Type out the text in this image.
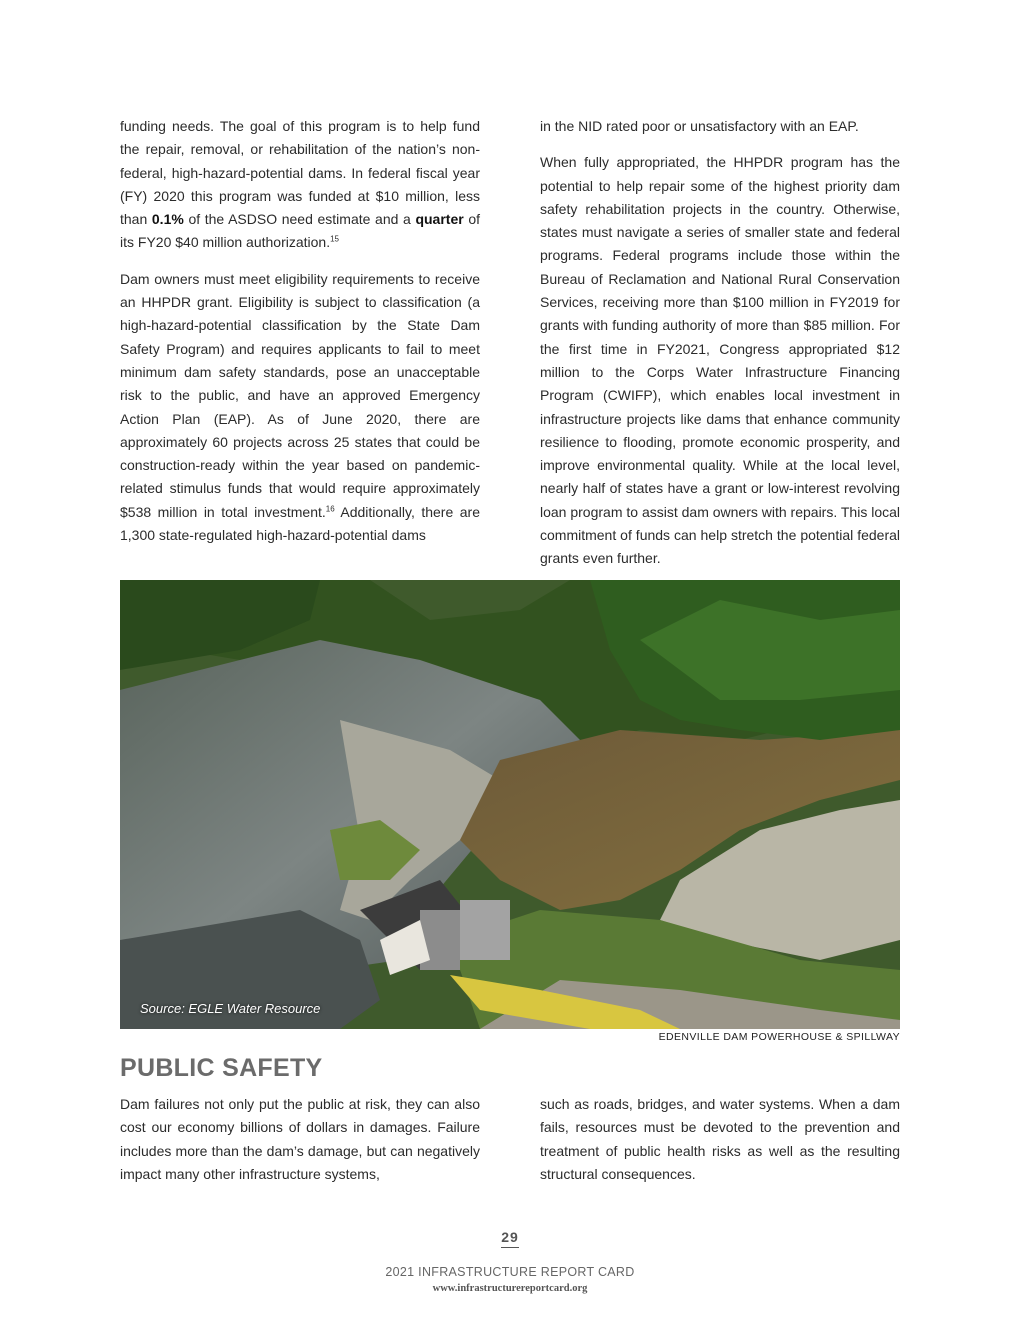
funding needs. The goal of this program is to help fund the repair, removal, or rehabilitation of the nation’s non-federal, high-hazard-potential dams. In federal fiscal year (FY) 2020 this program was funded at $10 million, less than 0.1% of the ASDSO need estimate and a quarter of its FY20 $40 million authorization.$^{15}$

Dam owners must meet eligibility requirements to receive an HHPDR grant. Eligibility is subject to classification (a high-hazard-potential classification by the State Dam Safety Program) and requires applicants to fail to meet minimum dam safety standards, pose an unacceptable risk to the public, and have an approved Emergency Action Plan (EAP). As of June 2020, there are approximately 60 projects across 25 states that could be construction-ready within the year based on pandemic-related stimulus funds that would require approximately $538 million in total investment.$^{16}$ Additionally, there are 1,300 state-regulated high-hazard-potential dams

in the NID rated poor or unsatisfactory with an EAP.

When fully appropriated, the HHPDR program has the potential to help repair some of the highest priority dam safety rehabilitation projects in the country. Otherwise, states must navigate a series of smaller state and federal programs. Federal programs include those within the Bureau of Reclamation and National Rural Conservation Services, receiving more than $100 million in FY2019 for grants with funding authority of more than $85 million. For the first time in FY2021, Congress appropriated $12 million to the Corps Water Infrastructure Financing Program (CWIFP), which enables local investment in infrastructure projects like dams that enhance community resilience to flooding, promote economic prosperity, and improve environmental quality. While at the local level, nearly half of states have a grant or low-interest revolving loan program to assist dam owners with repairs. This local commitment of funds can help stretch the potential federal grants even further.

Source: EGLE Water Resource
EDENVILLE DAM POWERHOUSE & SPILLWAY
PUBLIC SAFETY

Dam failures not only put the public at risk, they can also cost our economy billions of dollars in damages. Failure includes more than the dam’s damage, but can negatively impact many other infrastructure systems,

such as roads, bridges, and water systems. When a dam fails, resources must be devoted to the prevention and treatment of public health risks as well as the resulting structural consequences.

29
2021 INFRASTRUCTURE REPORT CARD
www.infrastructurereportcard.org
